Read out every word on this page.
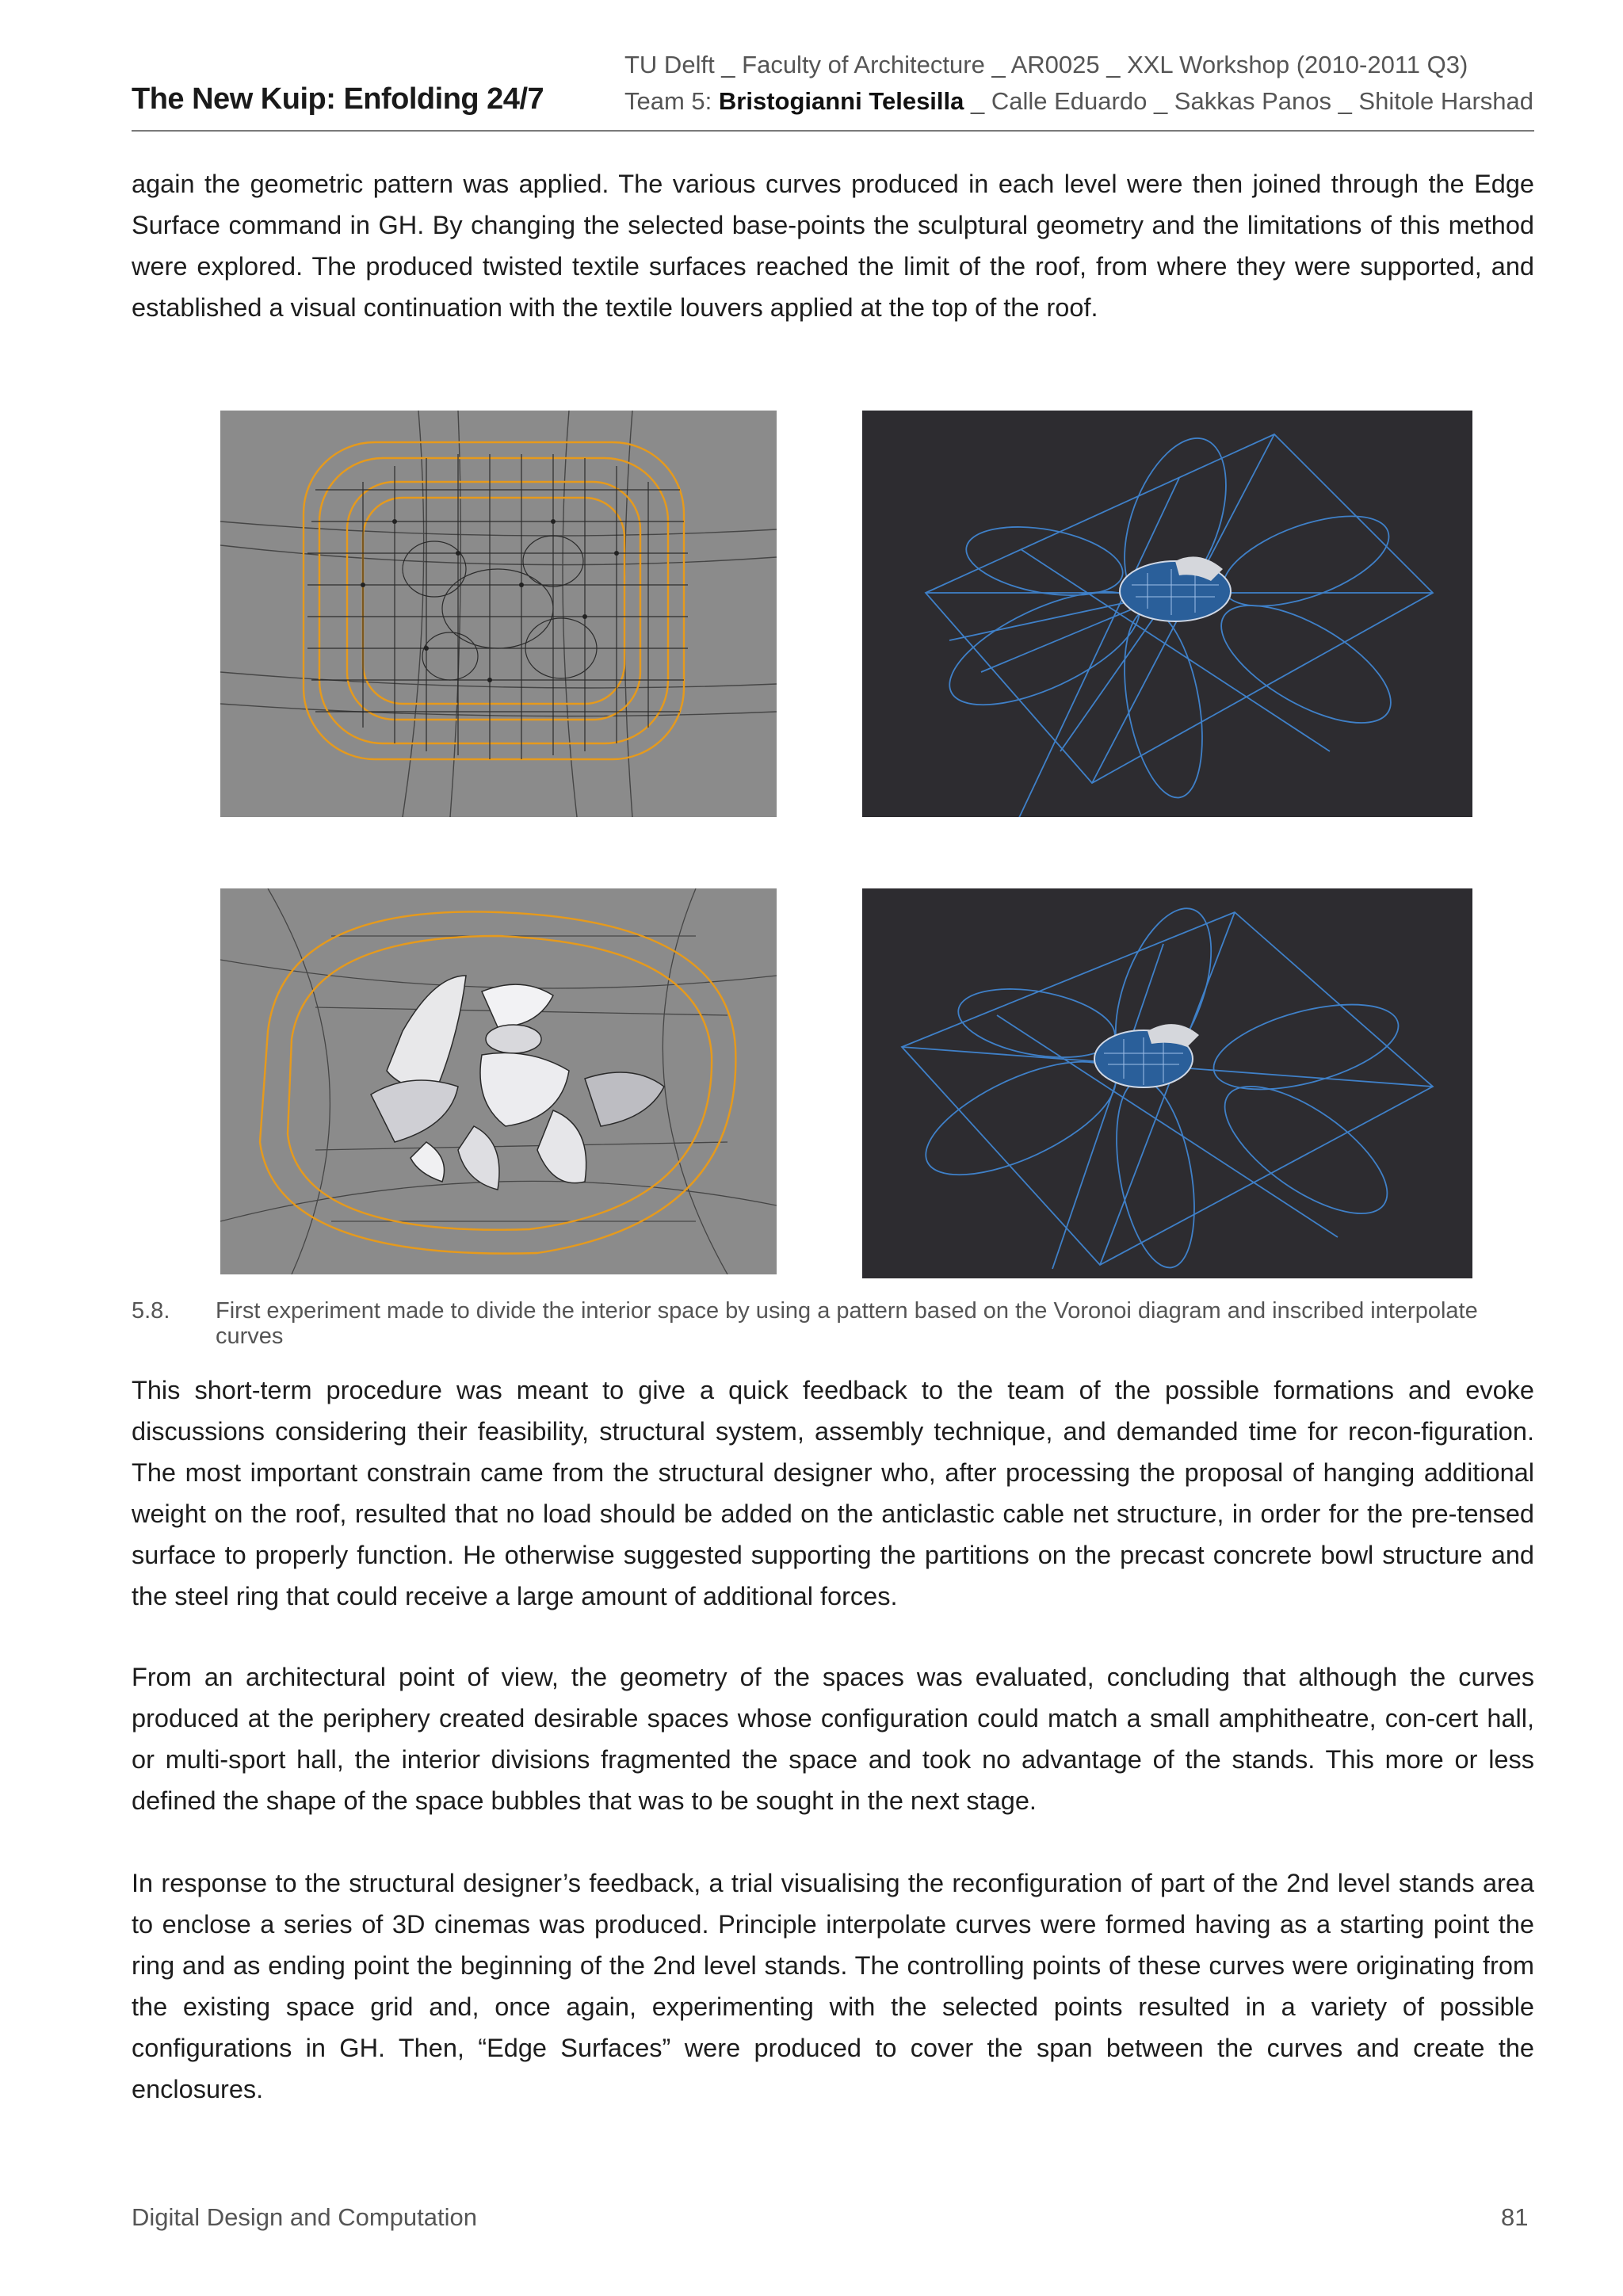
The New Kuip: Enfolding 24/7
TU Delft _ Faculty of Architecture _ AR0025 _ XXL Workshop (2010-2011 Q3)
Team 5: Bristogianni Telesilla _ Calle Eduardo _ Sakkas Panos _ Shitole Harshad
again the geometric pattern was applied. The various curves produced in each level were then joined through the Edge Surface command in GH. By changing the selected base-points the sculptural geometry and the limitations of this method were explored. The produced twisted textile surfaces reached the limit of the roof, from where they were supported, and established a visual continuation with the textile louvers applied at the top of the roof.
5.8. First experiment made to divide the interior space by using a pattern based on the Voronoi diagram and inscribed interpolate curves
This short-term procedure was meant to give a quick feedback to the team of the possible formations and evoke discussions considering their feasibility, structural system, assembly technique, and demanded time for recon-figuration. The most important constrain came from the structural designer who, after processing the proposal of hanging additional weight on the roof, resulted that no load should be added on the anticlastic cable net structure, in order for the pre-tensed surface to properly function. He otherwise suggested supporting the partitions on the precast concrete bowl structure and the steel ring that could receive a large amount of additional forces.
From an architectural point of view, the geometry of the spaces was evaluated, concluding that although the curves produced at the periphery created desirable spaces whose configuration could match a small amphitheatre, con-cert hall, or multi-sport hall, the interior divisions fragmented the space and took no advantage of the stands. This more or less defined the shape of the space bubbles that was to be sought in the next stage.
In response to the structural designer’s feedback, a trial visualising the reconfiguration of part of the 2nd level stands area to enclose a series of 3D cinemas was produced. Principle interpolate curves were formed having as a starting point the ring and as ending point the beginning of the 2nd level stands. The controlling points of these curves were originating from the existing space grid and, once again, experimenting with the selected points resulted in a variety of possible configurations in GH. Then, “Edge Surfaces” were produced to cover the span between the curves and create the enclosures.
Digital Design and Computation	81
